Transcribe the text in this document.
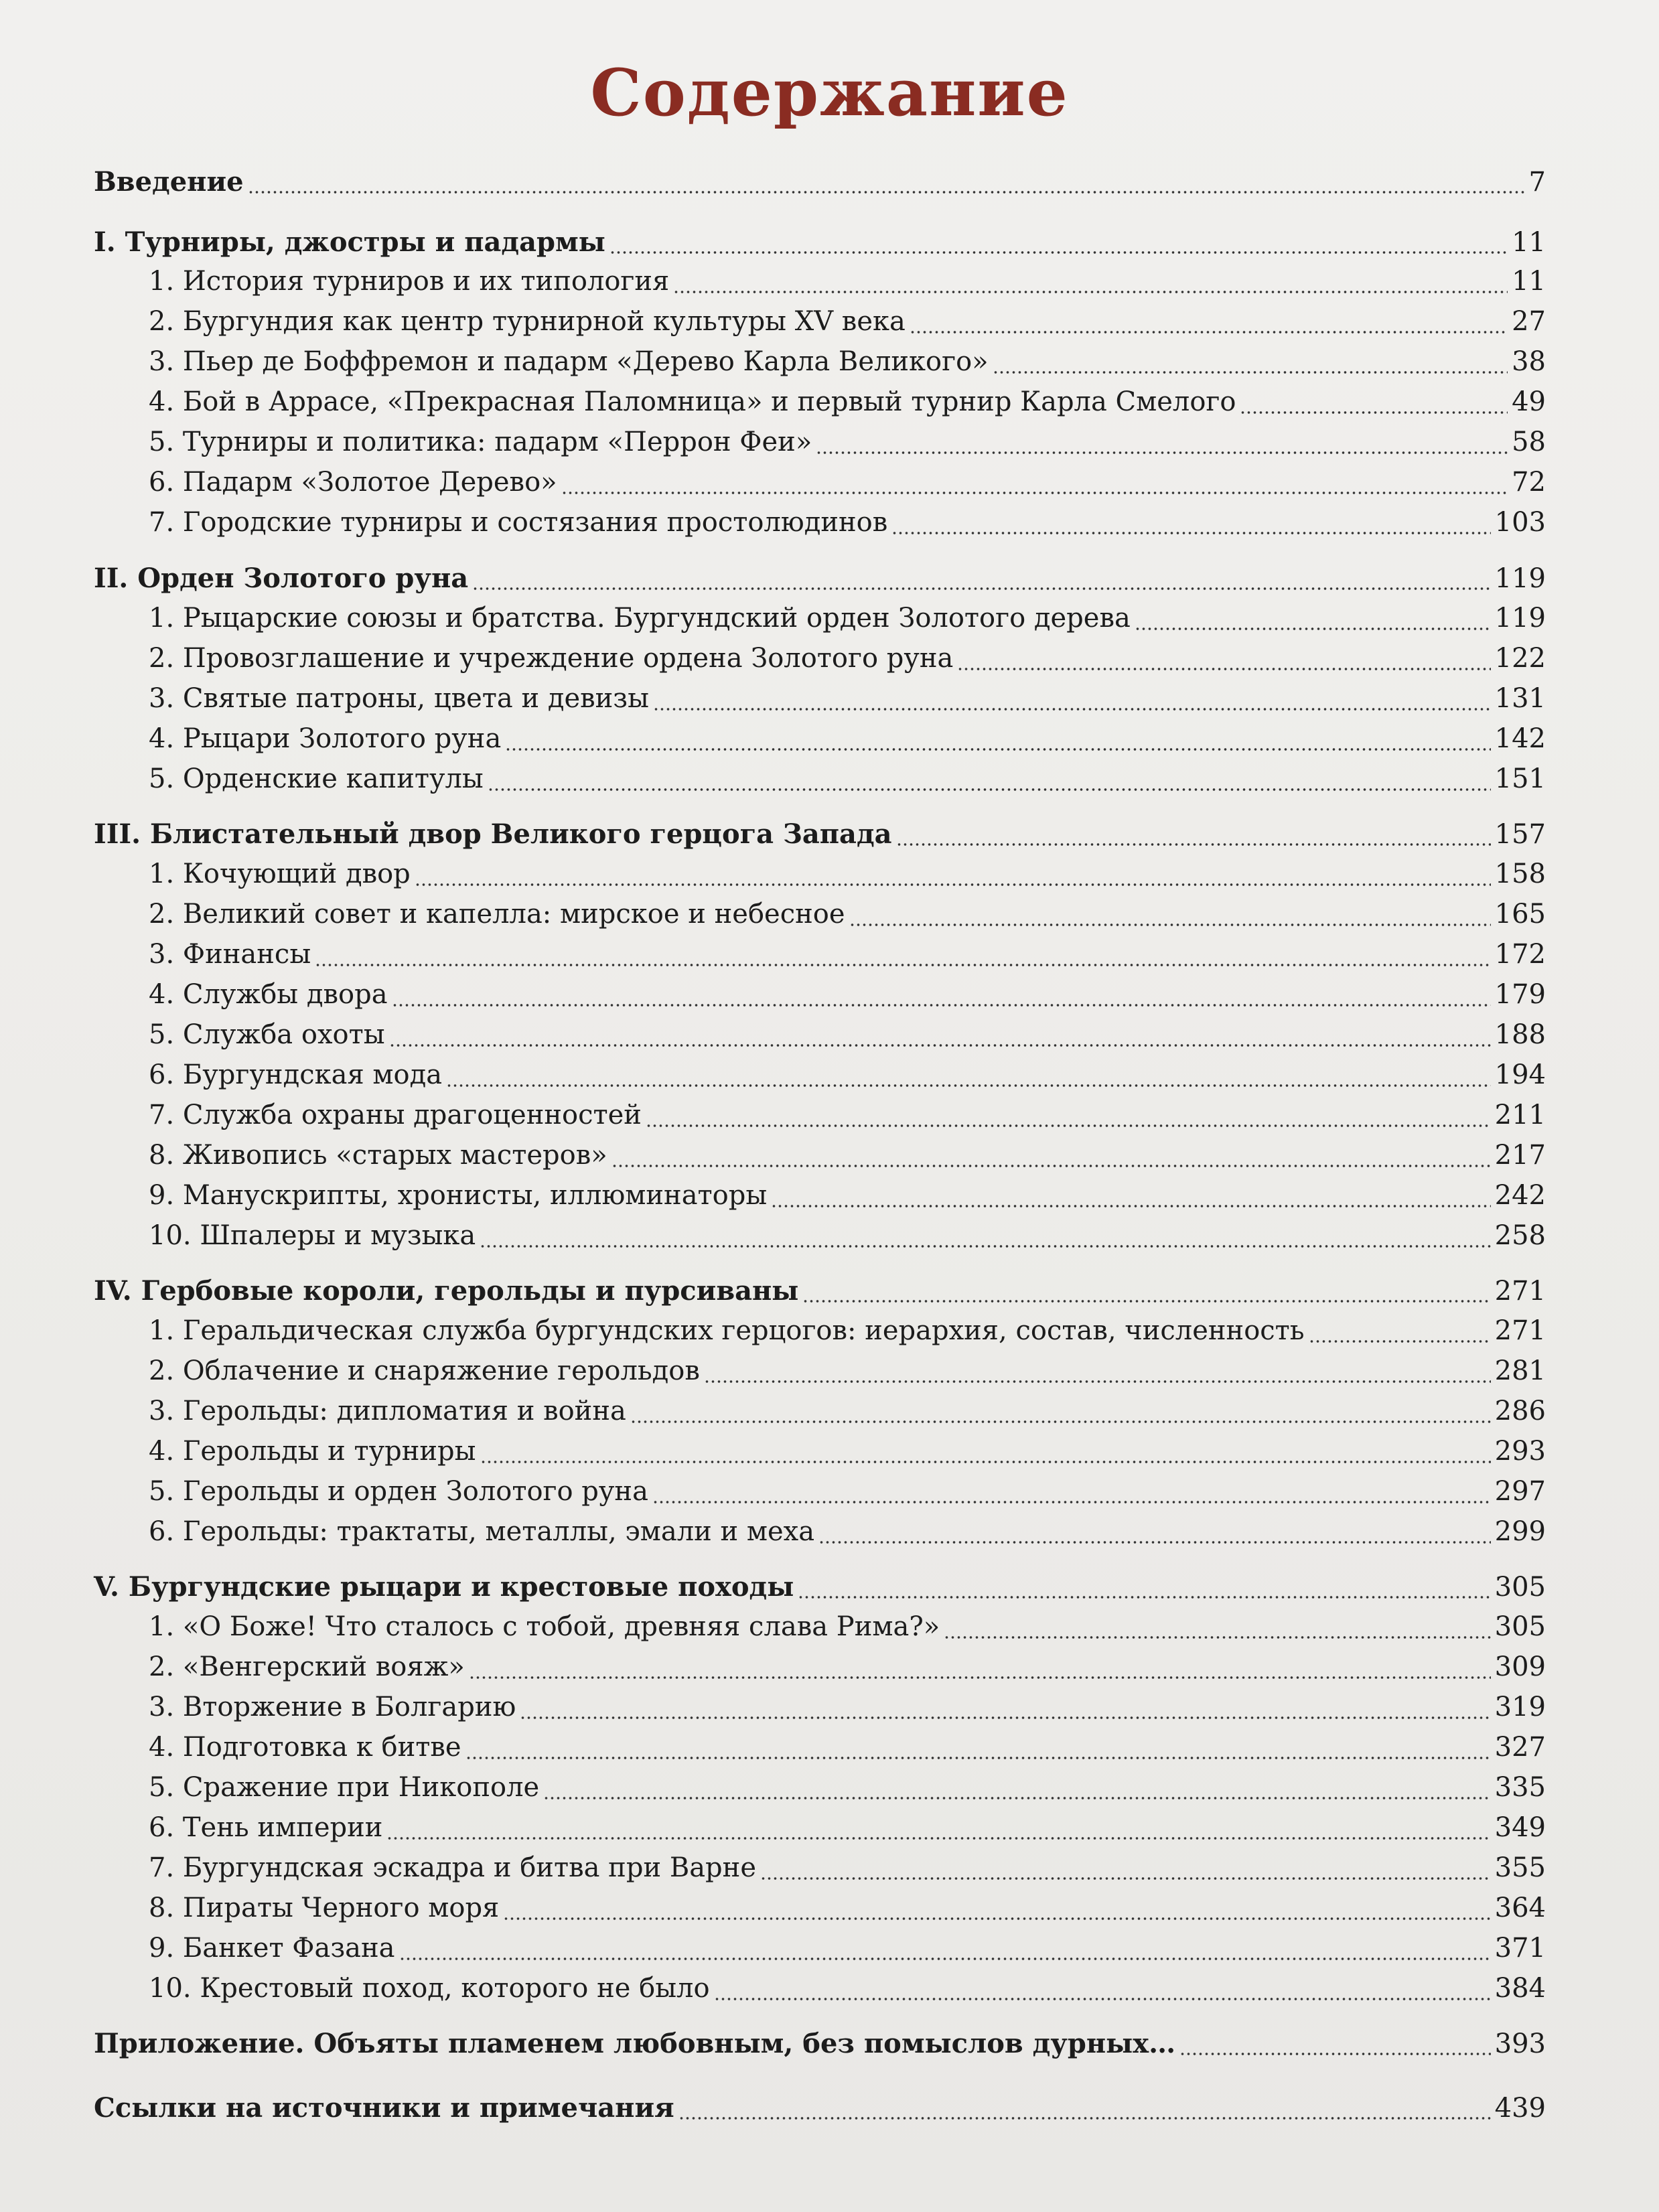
Содержание
Введение	7
I. Турниры, джостры и падармы	11
1. История турниров и их типология	11
2. Бургундия как центр турнирной культуры XV века	27
3. Пьер де Боффремон и падарм «Дерево Карла Великого»	38
4. Бой в Аррасе, «Прекрасная Паломница» и первый турнир Карла Смелого	49
5. Турниры и политика: падарм «Перрон Феи»	58
6. Падарм «Золотое Дерево»	72
7. Городские турниры и состязания простолюдинов	103
II. Орден Золотого руна	119
1. Рыцарские союзы и братства. Бургундский орден Золотого дерева	119
2. Провозглашение и учреждение ордена Золотого руна	122
3. Святые патроны, цвета и девизы	131
4. Рыцари Золотого руна	142
5. Орденские капитулы	151
III. Блистательный двор Великого герцога Запада	157
1. Кочующий двор	158
2. Великий совет и капелла: мирское и небесное	165
3. Финансы	172
4. Службы двора	179
5. Служба охоты	188
6. Бургундская мода	194
7. Служба охраны драгоценностей	211
8. Живопись «старых мастеров»	217
9. Манускрипты, хронисты, иллюминаторы	242
10. Шпалеры и музыка	258
IV. Гербовые короли, герольды и пурсиваны	271
1. Геральдическая служба бургундских герцогов: иерархия, состав, численность	271
2. Облачение и снаряжение герольдов	281
3. Герольды: дипломатия и война	286
4. Герольды и турниры	293
5. Герольды и орден Золотого руна	297
6. Герольды: трактаты, металлы, эмали и меха	299
V. Бургундские рыцари и крестовые походы	305
1. «О Боже! Что сталось с тобой, древняя слава Рима?»	305
2. «Венгерский вояж»	309
3. Вторжение в Болгарию	319
4. Подготовка к битве	327
5. Сражение при Никополе	335
6. Тень империи	349
7. Бургундская эскадра и битва при Варне	355
8. Пираты Черного моря	364
9. Банкет Фазана	371
10. Крестовый поход, которого не было	384
Приложение. Объяты пламенем любовным, без помыслов дурных…	393
Ссылки на источники и примечания	439
